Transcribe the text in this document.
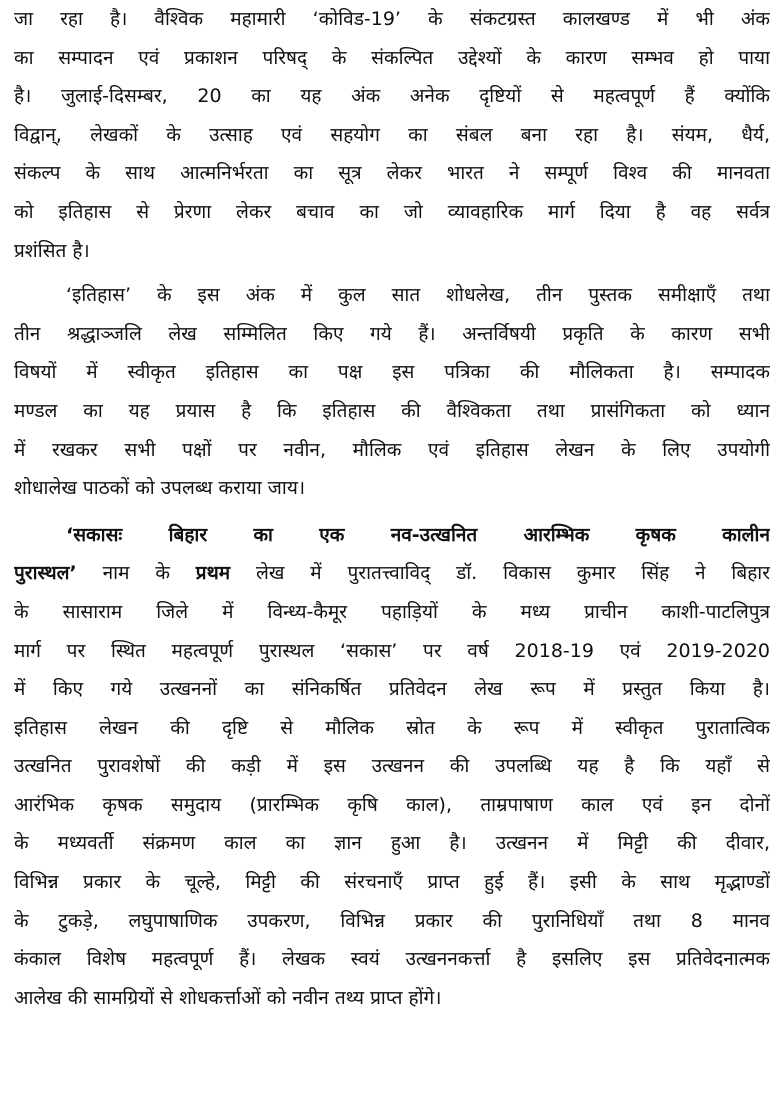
जा रहा है। वैश्विक महामारी ‘कोविड-19’ के संकटग्रस्त कालखण्ड में भी अंक
का सम्पादन एवं प्रकाशन परिषद् के संकल्पित उद्देश्यों के कारण सम्भव हो पाया
है। जुलाई-दिसम्बर, 20 का यह अंक अनेक दृष्टियों से महत्वपूर्ण हैं क्योंकि
विद्वान्, लेखकों के उत्साह एवं सहयोग का संबल बना रहा है। संयम, धैर्य,
संकल्प के साथ आत्मनिर्भरता का सूत्र लेकर भारत ने सम्पूर्ण विश्व की मानवता
को इतिहास से प्रेरणा लेकर बचाव का जो व्यावहारिक मार्ग दिया है वह सर्वत्र
प्रशंसित है।
‘इतिहास’ के इस अंक में कुल सात शोधलेख, तीन पुस्तक समीक्षाएँ तथा
तीन श्रद्धाञ्जलि लेख सम्मिलित किए गये हैं। अन्तर्विषयी प्रकृति के कारण सभी
विषयों में स्वीकृत इतिहास का पक्ष इस पत्रिका की मौलिकता है। सम्पादक
मण्डल का यह प्रयास है कि इतिहास की वैश्विकता तथा प्रासंगिकता को ध्यान
में रखकर सभी पक्षों पर नवीन, मौलिक एवं इतिहास लेखन के लिए उपयोगी
शोधालेख पाठकों को उपलब्ध कराया जाय।
‘सकासः बिहार का एक नव-उत्खनित आरम्भिक कृषक कालीन
पुरास्थल’ नाम के प्रथम लेख में पुरातत्त्वाविद् डॉ. विकास कुमार सिंह ने बिहार
के सासाराम जिले में विन्ध्य-कैमूर पहाड़ियों के मध्य प्राचीन काशी-पाटलिपुत्र
मार्ग पर स्थित महत्वपूर्ण पुरास्थल ‘सकास’ पर वर्ष 2018-19 एवं 2019-2020
में किए गये उत्खननों का संनिकर्षित प्रतिवेदन लेख रूप में प्रस्तुत किया है।
इतिहास लेखन की दृष्टि से मौलिक स्रोत के रूप में स्वीकृत पुरातात्विक
उत्खनित पुरावशेषों की कड़ी में इस उत्खनन की उपलब्धि यह है कि यहाँ से
आरंभिक कृषक समुदाय (प्रारम्भिक कृषि काल), ताम्रपाषाण काल एवं इन दोनों
के मध्यवर्ती संक्रमण काल का ज्ञान हुआ है। उत्खनन में मिट्टी की दीवार,
विभिन्न प्रकार के चूल्हे, मिट्टी की संरचनाएँ प्राप्त हुई हैं। इसी के साथ मृद्भाण्डों
के टुकड़े, लघुपाषाणिक उपकरण, विभिन्न प्रकार की पुरानिधियाँ तथा 8 मानव
कंकाल विशेष महत्वपूर्ण हैं। लेखक स्वयं उत्खननकर्त्ता है इसलिए इस प्रतिवेदनात्मक
आलेख की सामग्रियों से शोधकर्त्ताओं को नवीन तथ्य प्राप्त होंगे।
